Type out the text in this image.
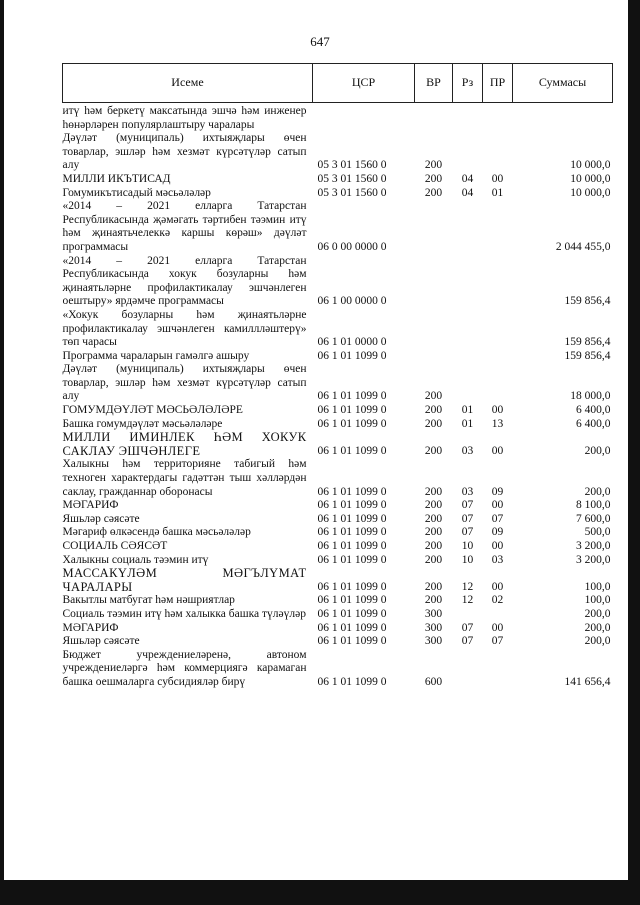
647
Исеме	ЦСР	ВР	Рз	ПР	Суммасы
итү һәм беркетү максатында эшчә һәм инженер һөнәрләрен популярлаштыру чаралары					
Дәүләт (муниципаль) ихтыяҗлары өчен товарлар, эшләр һәм хезмәт күрсәтүләр сатып алу	05 3 01 1560 0	200			10 000,0
МИЛЛИ ИКЪТИСАД	05 3 01 1560 0	200	04	00	10 000,0
Гомумикътисадый мәсьәләләр	05 3 01 1560 0	200	04	01	10 000,0
«2014 – 2021 елларга Татарстан Республикасында җәмәгать тәртибен тәэмин итү һәм җинаятьчелеккә каршы көрәш» дәүләт программасы	06 0 00 0000 0				2 044 455,0
«2014 – 2021 елларга Татарстан Республикасында хокук бозуларны һәм җинаятьләрне профилактикалау эшчәнлеген оештыру» ярдәмче программасы	06 1 00 0000 0				159 856,4
«Хокук бозуларны һәм җинаятьләрне профилактикалау эшчәнлеген камиллләштерү» төп чарасы	06 1 01 0000 0				159 856,4
Программа чараларын гамәлгә ашыру	06 1 01 1099 0				159 856,4
Дәүләт (муниципаль) ихтыяҗлары өчен товарлар, эшләр һәм хезмәт күрсәтүләр сатып алу	06 1 01 1099 0	200			18 000,0
ГОМУМДӘҮЛӘТ МӘСЬӘЛӘЛӘРЕ	06 1 01 1099 0	200	01	00	6 400,0
Башка гомумдәүләт мәсьәләләре	06 1 01 1099 0	200	01	13	6 400,0
МИЛЛИ ИМИНЛЕК ҺӘМ ХОКУК САКЛАУ ЭШЧӘНЛЕГЕ	06 1 01 1099 0	200	03	00	200,0
Халыкны һәм территорияне табигый һәм техноген характердагы гадәттән тыш хәлләрдән саклау, гражданнар оборонасы	06 1 01 1099 0	200	03	09	200,0
МӘГАРИФ	06 1 01 1099 0	200	07	00	8 100,0
Яшьләр сәясәте	06 1 01 1099 0	200	07	07	7 600,0
Мәгариф өлкәсендә башка мәсьәләләр	06 1 01 1099 0	200	07	09	500,0
СОЦИАЛЬ СӘЯСӘТ	06 1 01 1099 0	200	10	00	3 200,0
Халыкны социаль тәэмин итү	06 1 01 1099 0	200	10	03	3 200,0
МАССАКҮЛӘМ МӘГЪЛҮМАТ ЧАРАЛАРЫ	06 1 01 1099 0	200	12	00	100,0
Вакытлы матбугат һәм нәшриятлар	06 1 01 1099 0	200	12	02	100,0
Социаль тәэмин итү һәм халыкка башка түләүләр	06 1 01 1099 0	300			200,0
МӘГАРИФ	06 1 01 1099 0	300	07	00	200,0
Яшьләр сәясәте	06 1 01 1099 0	300	07	07	200,0
Бюджет учреждениеләренә, автоном учреждениеләргә һәм коммерциягә карамаган башка оешмаларга субсидияләр бирү	06 1 01 1099 0	600			141 656,4
